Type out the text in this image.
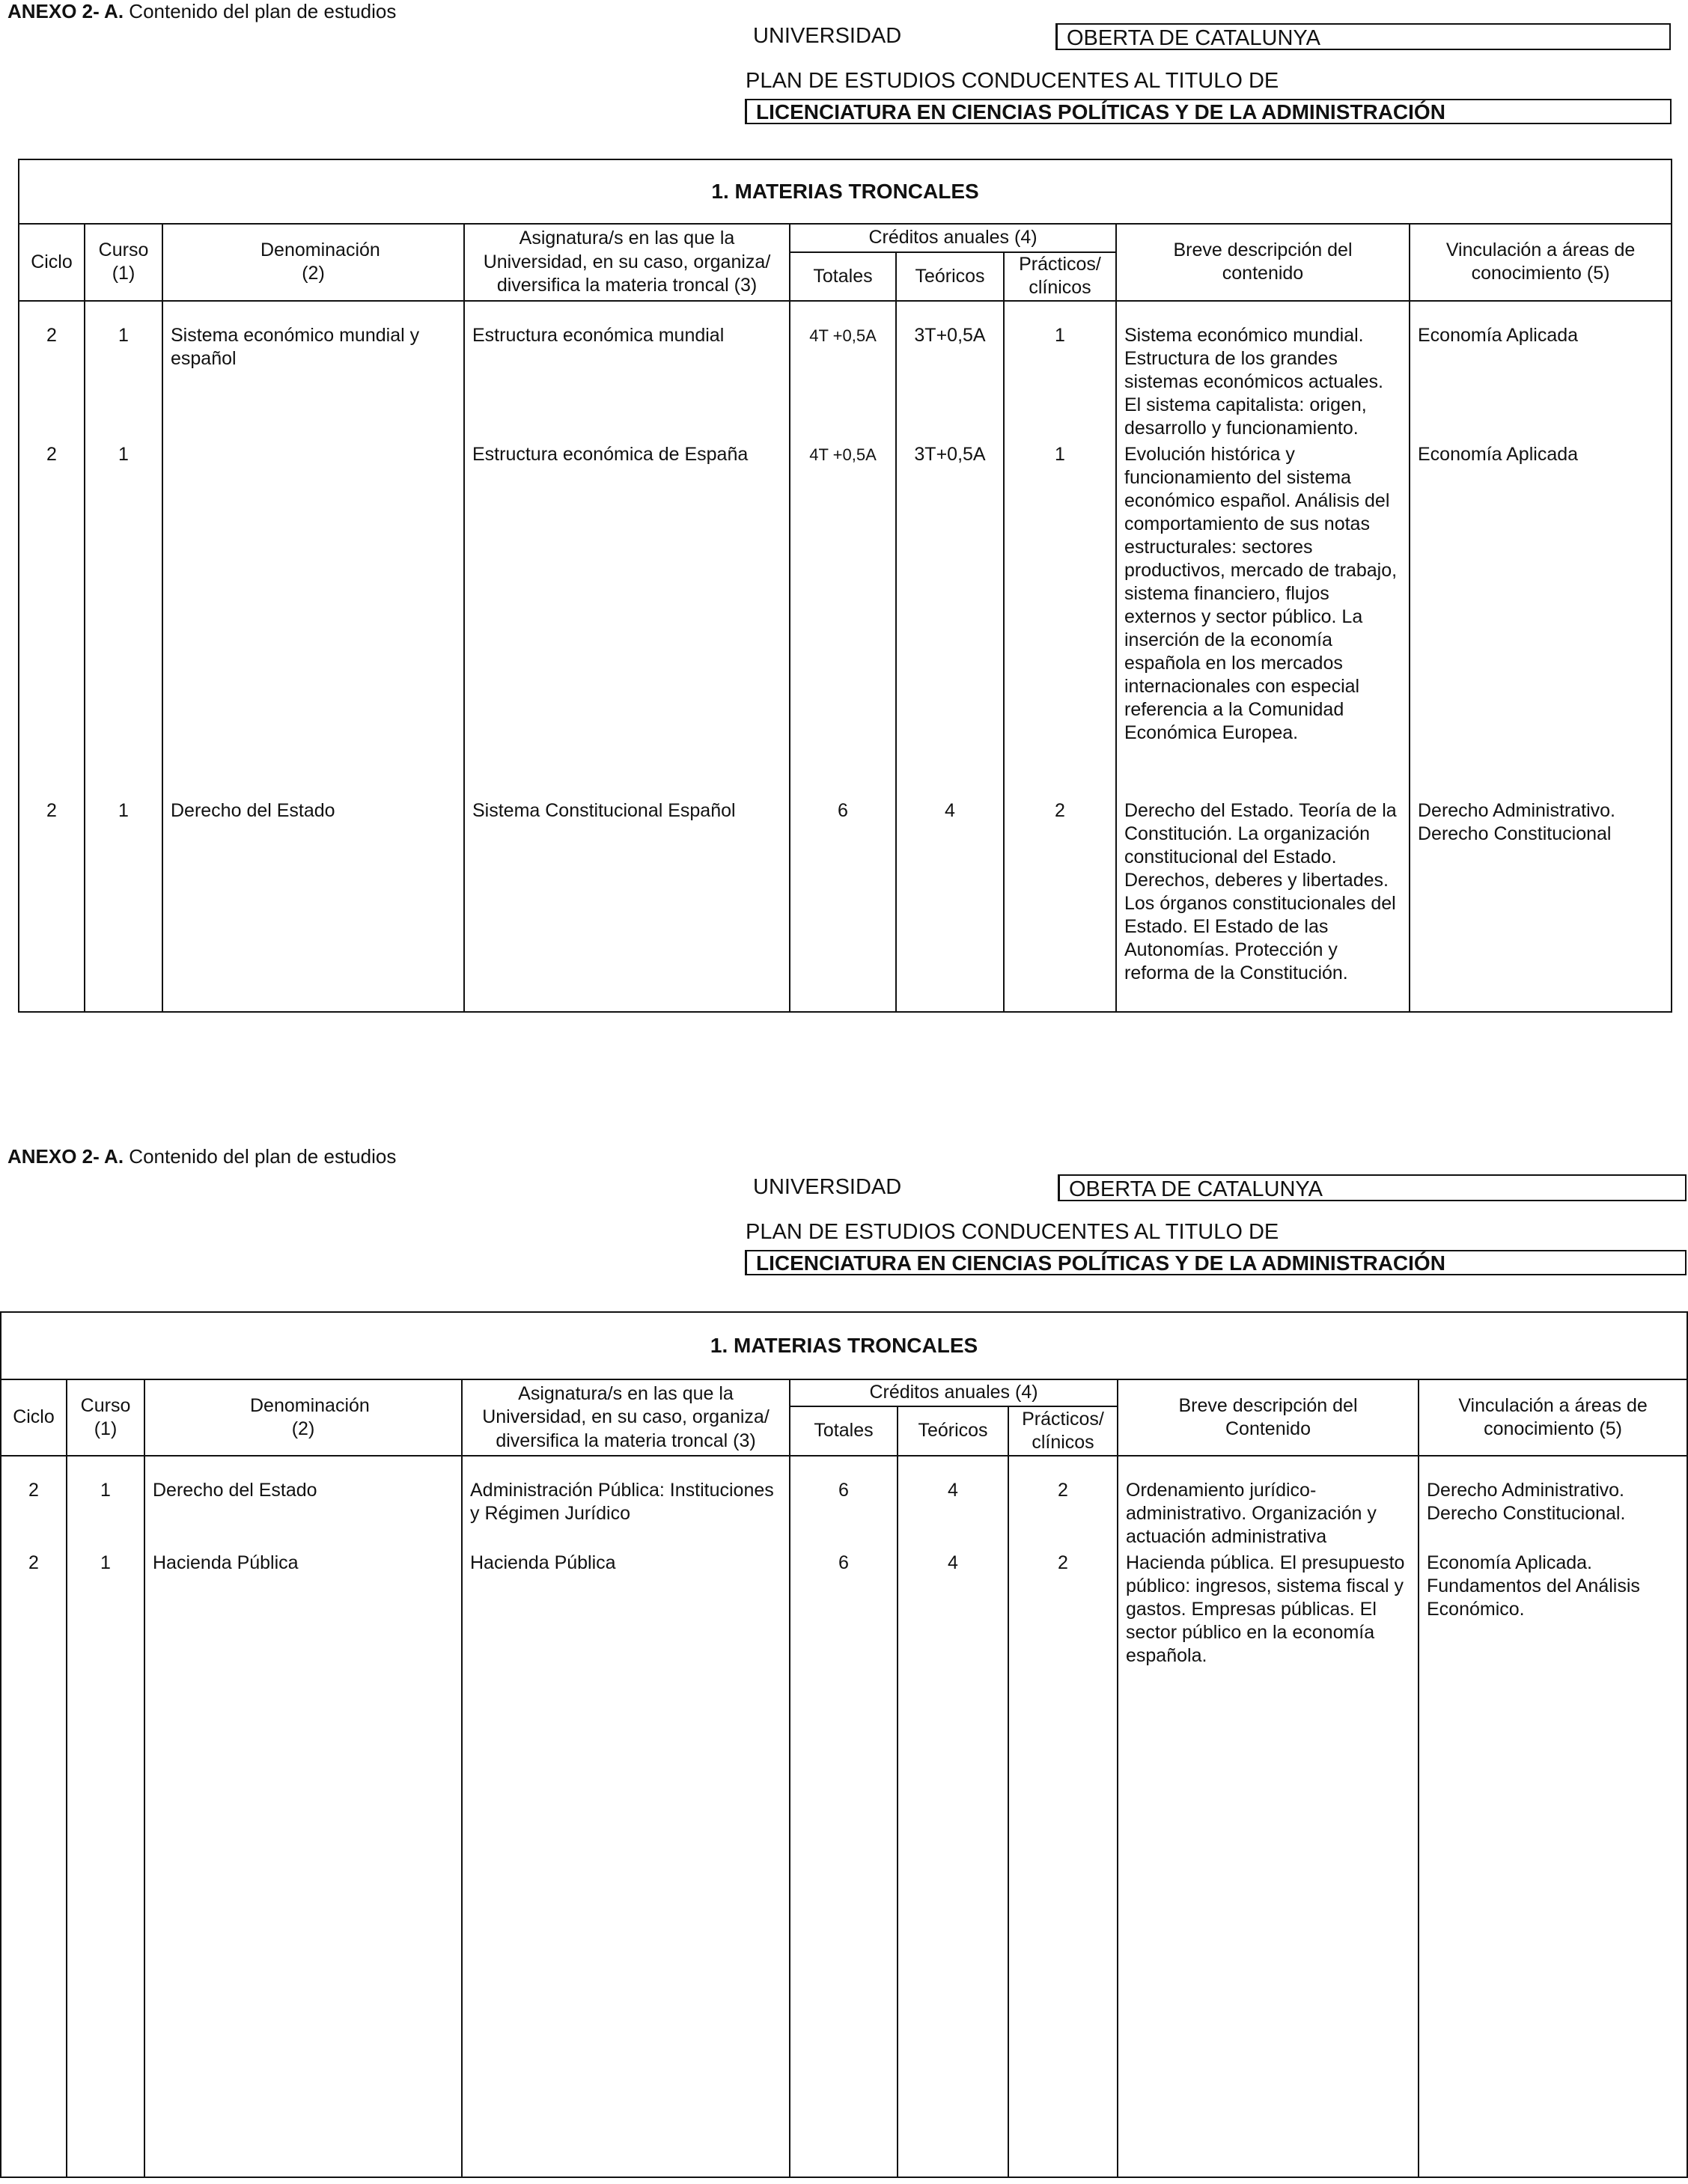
ANEXO 2- A. Contenido del plan de estudios
UNIVERSIDAD	OBERTA DE CATALUNYA
PLAN DE ESTUDIOS CONDUCENTES AL TITULO DE
LICENCIATURA EN CIENCIAS POLÍTICAS Y DE LA ADMINISTRACIÓN
1. MATERIAS TRONCALES								
Ciclo	Curso (1)	Denominación (2)	Asignatura/s en las que la Universidad, en su caso, organiza/ diversifica la materia troncal (3)	Créditos anuales (4)			Breve descripción del contenido	Vinculación a áreas de conocimiento (5)
				Totales	Teóricos	Prácticos/ clínicos		
2	1	Sistema económico mundial y español	Estructura económica mundial	4T +0,5A	3T+0,5A	1	Sistema económico mundial. Estructura de los grandes sistemas económicos actuales. El sistema capitalista: origen, desarrollo y funcionamiento.	Economía Aplicada
2	1		Estructura económica de España	4T +0,5A	3T+0,5A	1	Evolución histórica y funcionamiento del sistema económico español. Análisis del comportamiento de sus notas estructurales: sectores productivos, mercado de trabajo, sistema financiero, flujos externos y sector público. La inserción de la economía española en los mercados internacionales con especial referencia a la Comunidad Económica Europea.	Economía Aplicada
2	1	Derecho del Estado	Sistema Constitucional Español	6	4	2	Derecho del Estado. Teoría de la Constitución. La organización constitucional del Estado. Derechos, deberes y libertades. Los órganos constitucionales del Estado. El Estado de las Autonomías. Protección y reforma de la Constitución.	Derecho Administrativo. Derecho Constitucional
ANEXO 2- A. Contenido del plan de estudios
UNIVERSIDAD	OBERTA DE CATALUNYA
PLAN DE ESTUDIOS CONDUCENTES AL TITULO DE
LICENCIATURA EN CIENCIAS POLÍTICAS Y DE LA ADMINISTRACIÓN
1. MATERIAS TRONCALES								
Ciclo	Curso (1)	Denominación (2)	Asignatura/s en las que la Universidad, en su caso, organiza/ diversifica la materia troncal (3)	Créditos anuales (4)			Breve descripción del Contenido	Vinculación a áreas de conocimiento (5)
				Totales	Teóricos	Prácticos/ clínicos		
2	1	Derecho del Estado	Administración Pública: Instituciones y Régimen Jurídico	6	4	2	Ordenamiento jurídico-administrativo. Organización y actuación administrativa	Derecho Administrativo. Derecho Constitucional.
2	1	Hacienda Pública	Hacienda Pública	6	4	2	Hacienda pública. El presupuesto público: ingresos, sistema fiscal y gastos. Empresas públicas. El sector público en la economía española.	Economía Aplicada. Fundamentos del Análisis Económico.
